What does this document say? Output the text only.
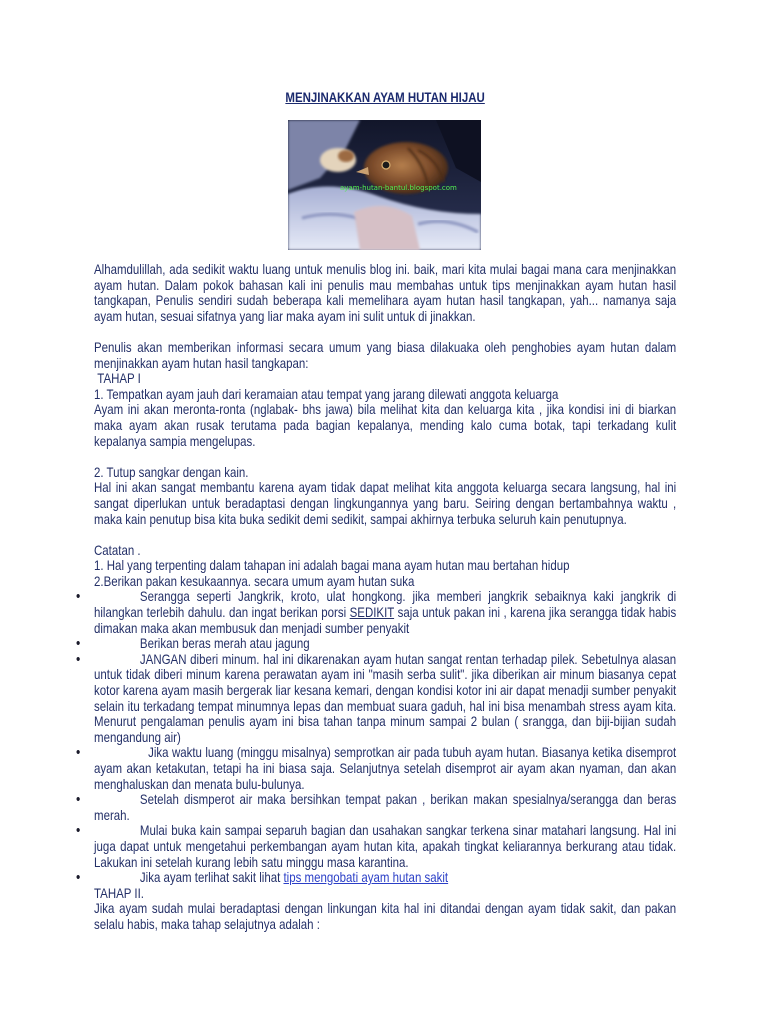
MENJINAKKAN AYAM HUTAN HIJAU
ayam-hutan-bantul.blogspot.com

Alhamdulillah, ada sedikit waktu luang untuk menulis blog ini. baik, mari kita mulai bagai mana cara menjinakkan ayam hutan. Dalam pokok bahasan kali ini penulis mau membahas untuk tips menjinakkan ayam hutan hasil tangkapan, Penulis sendiri sudah beberapa kali memelihara ayam hutan hasil tangkapan, yah... namanya saja ayam hutan, sesuai sifatnya yang liar maka ayam ini sulit untuk di jinakkan.

Penulis akan memberikan informasi secara umum yang biasa dilakuaka oleh penghobies ayam hutan dalam menjinakkan ayam hutan hasil tangkapan:

TAHAP I

1. Tempatkan ayam jauh dari keramaian atau tempat yang jarang dilewati anggota keluarga

Ayam ini akan meronta-ronta (nglabak- bhs jawa) bila melihat kita dan keluarga kita , jika kondisi ini di biarkan maka ayam akan rusak terutama pada bagian kepalanya, mending kalo cuma botak, tapi terkadang kulit kepalanya sampia mengelupas.

2. Tutup sangkar dengan kain.

Hal ini akan sangat membantu karena ayam tidak dapat melihat kita anggota keluarga secara langsung, hal ini sangat diperlukan untuk beradaptasi dengan lingkungannya yang baru. Seiring dengan bertambahnya waktu , maka kain penutup bisa kita buka sedikit demi sedikit, sampai akhirnya terbuka seluruh kain penutupnya.

Catatan .

1. Hal yang terpenting dalam tahapan ini adalah bagai mana ayam hutan mau bertahan hidup

2.Berikan pakan kesukaannya. secara umum ayam hutan suka

•
Serangga seperti Jangkrik, kroto, ulat hongkong. jika memberi jangkrik sebaiknya kaki jangkrik di hilangkan terlebih dahulu. dan ingat berikan porsi SEDIKIT saja untuk pakan ini , karena jika serangga tidak habis dimakan maka akan membusuk dan menjadi sumber penyakit
•
Berikan beras merah atau jagung
•
JANGAN diberi minum. hal ini dikarenakan ayam hutan sangat rentan terhadap pilek. Sebetulnya alasan untuk tidak diberi minum karena perawatan ayam ini "masih serba sulit". jika diberikan air minum biasanya cepat kotor karena ayam masih bergerak liar kesana kemari, dengan kondisi kotor ini air dapat menadji sumber penyakit selain itu terkadang tempat minumnya lepas dan membuat suara gaduh, hal ini bisa menambah stress ayam kita. Menurut pengalaman penulis ayam ini bisa tahan tanpa minum sampai 2 bulan ( srangga, dan biji-bijian sudah mengandung air)
•
Jika waktu luang (minggu misalnya) semprotkan air pada tubuh ayam hutan. Biasanya ketika disemprot ayam akan ketakutan, tetapi ha ini biasa saja. Selanjutnya setelah disemprot air ayam akan nyaman, dan akan menghaluskan dan menata bulu-bulunya.
•
Setelah dismperot air maka bersihkan tempat pakan , berikan makan spesialnya/serangga dan beras merah.
•
Mulai buka kain sampai separuh bagian dan usahakan sangkar terkena sinar matahari langsung. Hal ini juga dapat untuk mengetahui perkembangan ayam hutan kita, apakah tingkat keliarannya berkurang atau tidak. Lakukan ini setelah kurang lebih satu minggu masa karantina.
•
Jika ayam terlihat sakit lihat tips mengobati ayam hutan sakit

TAHAP II.

Jika ayam sudah mulai beradaptasi dengan linkungan kita hal ini ditandai dengan ayam tidak sakit, dan pakan selalu habis, maka tahap selajutnya adalah :
